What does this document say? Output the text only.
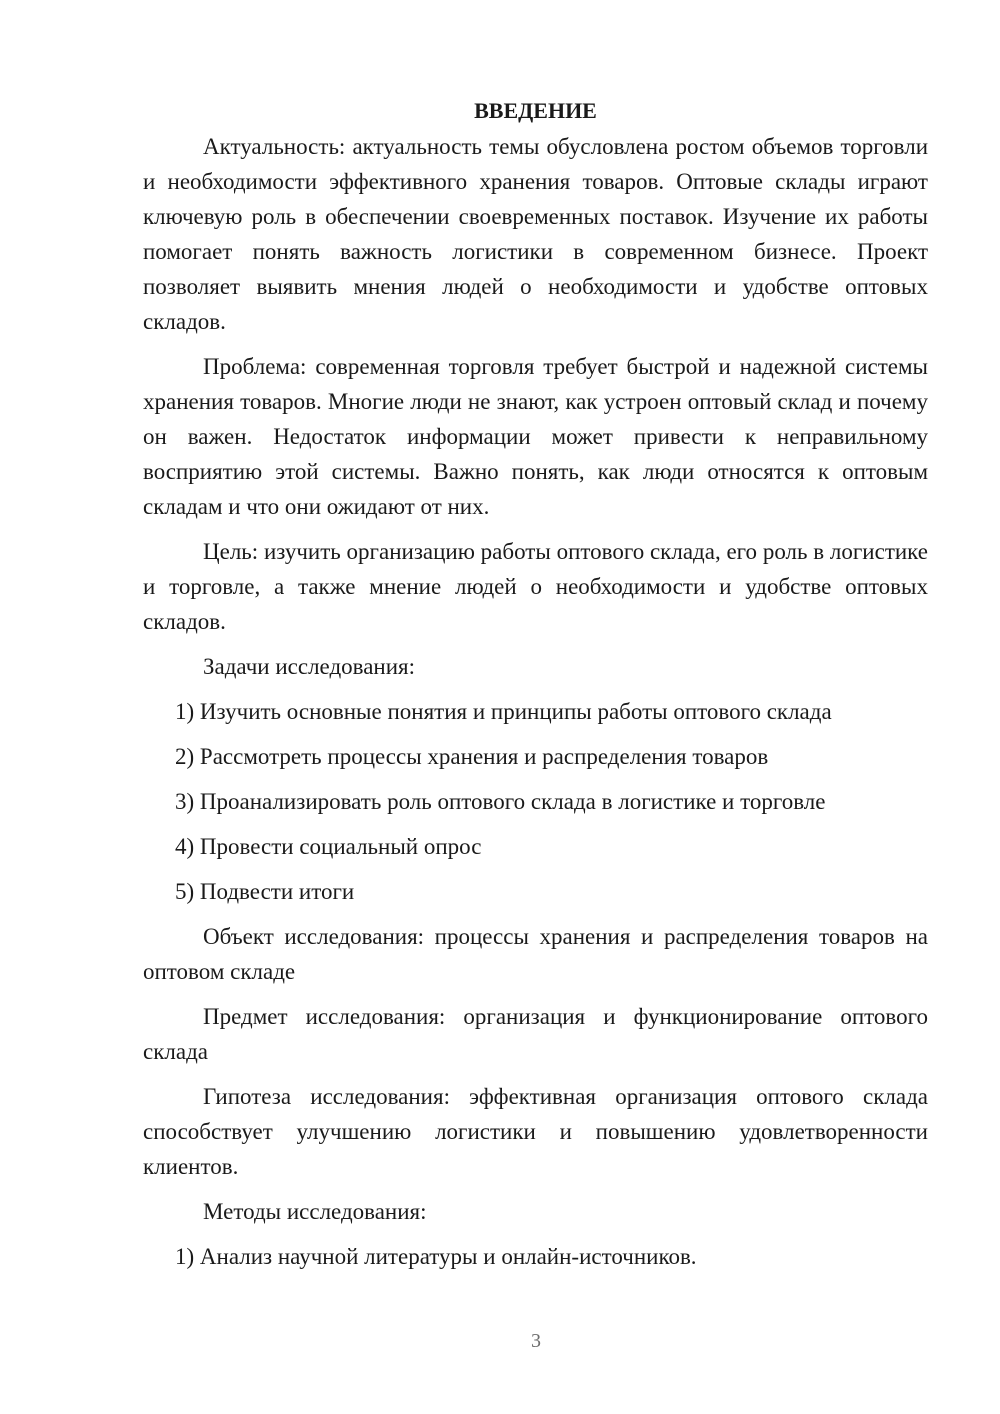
ВВЕДЕНИЕ

Актуальность: актуальность темы обусловлена ростом объемов торговли и необходимости эффективного хранения товаров. Оптовые склады играют ключевую роль в обеспечении своевременных поставок. Изучение их работы помогает понять важность логистики в современном бизнесе. Проект позволяет выявить мнения людей о необходимости и удобстве оптовых складов.

Проблема: современная торговля требует быстрой и надежной системы хранения товаров. Многие люди не знают, как устроен оптовый склад и почему он важен. Недостаток информации может привести к неправильному восприятию этой системы. Важно понять, как люди относятся к оптовым складам и что они ожидают от них.

Цель: изучить организацию работы оптового склада, его роль в логистике и торговле, а также мнение людей о необходимости и удобстве оптовых складов.

Задачи исследования:

1) Изучить основные понятия и принципы работы оптового склада
2) Рассмотреть процессы хранения и распределения товаров
3) Проанализировать роль оптового склада в логистике и торговле
4) Провести социальный опрос
5) Подвести итоги

Объект исследования: процессы хранения и распределения товаров на оптовом складе

Предмет исследования: организация и функционирование оптового склада

Гипотеза исследования: эффективная организация оптового склада способствует улучшению логистики и повышению удовлетворенности клиентов.

Методы исследования:

1) Анализ научной литературы и онлайн-источников.
3
